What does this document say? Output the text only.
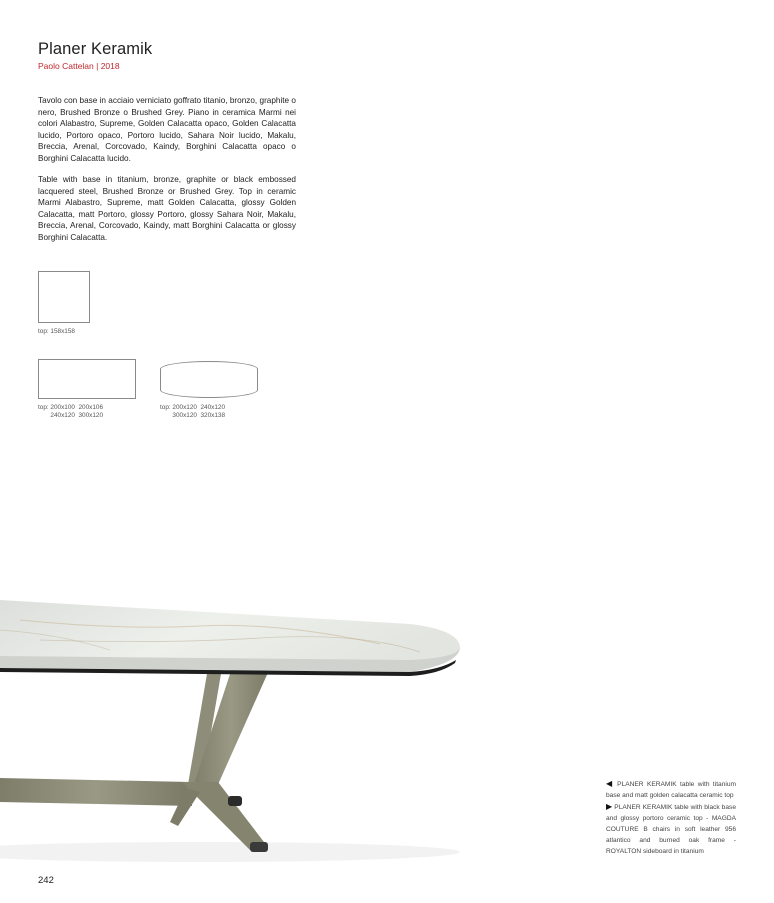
Planer Keramik
Paolo Cattelan | 2018

Tavolo con base in acciaio verniciato goffrato titanio, bronzo, graphite o nero, Brushed Bronze o Brushed Grey. Piano in ceramica Marmi nei colori Alabastro, Supreme, Golden Calacatta opaco, Golden Calacatta lucido, Portoro opaco, Portoro lucido, Sahara Noir lucido, Makalu, Breccia, Arenal, Corcovado, Kaindy, Borghini Calacatta opaco o Borghini Calacatta lucido.

Table with base in titanium, bronze, graphite or black embossed lacquered steel, Brushed Bronze or Brushed Grey. Top in ceramic Marmi Alabastro, Supreme, matt Golden Calacatta, glossy Golden Calacatta, matt Portoro, glossy Portoro, glossy Sahara Noir, Makalu, Breccia, Arenal, Corcovado, Kaindy, matt Borghini Calacatta or glossy Borghini Calacatta.

top: 158x158
top: 200x100  200x106
240x120  300x120
top: 200x120  240x120
300x120  320x138
◀ PLANER KERAMIK table with titanium base and matt golden calacatta ceramic top
▶ PLANER KERAMIK table with black base and glossy portoro ceramic top - MAGDA COUTURE B chairs in soft leather 956 atlantico and burned oak frame - ROYALTON sideboard in titanium
242
